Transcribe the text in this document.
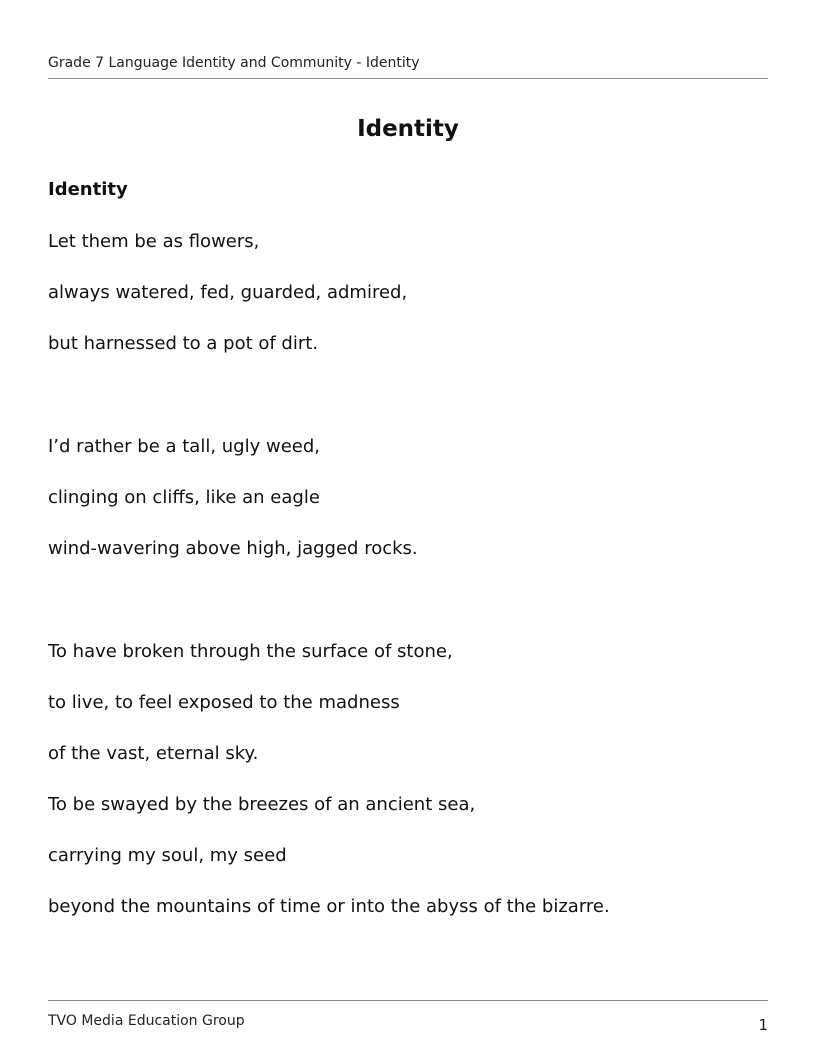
Grade 7 Language Identity and Community - Identity
Identity
Identity
Let them be as flowers,
always watered, fed, guarded, admired,
but harnessed to a pot of dirt.
I’d rather be a tall, ugly weed,
clinging on cliffs, like an eagle
wind-wavering above high, jagged rocks.
To have broken through the surface of stone,
to live, to feel exposed to the madness
of the vast, eternal sky.
To be swayed by the breezes of an ancient sea,
carrying my soul, my seed
beyond the mountains of time or into the abyss of the bizarre.
TVO Media Education Group	1
